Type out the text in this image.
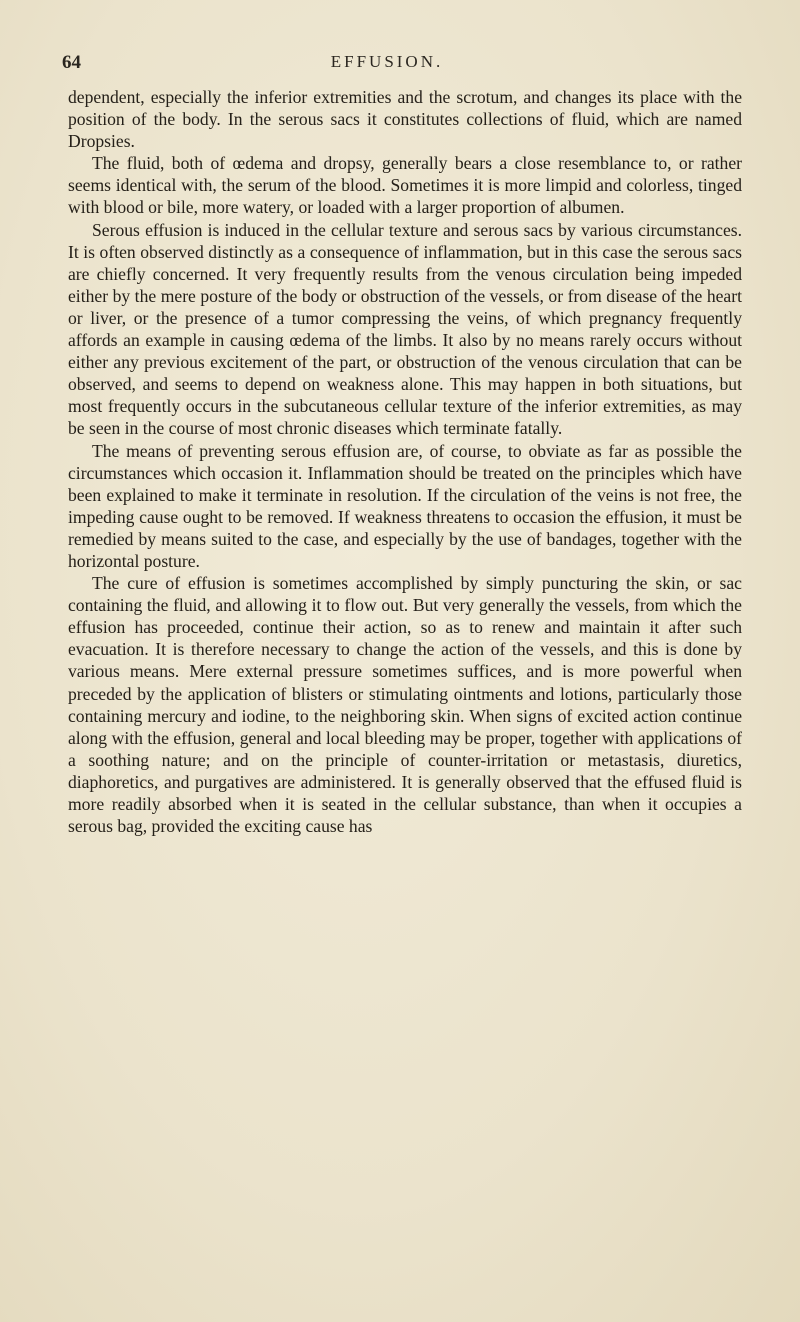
64	EFFUSION.

dependent, especially the inferior extremities and the scrotum, and changes its place with the position of the body. In the serous sacs it constitutes collections of fluid, which are named Dropsies.

The fluid, both of œdema and dropsy, generally bears a close resemblance to, or rather seems identical with, the serum of the blood. Sometimes it is more limpid and colorless, tinged with blood or bile, more watery, or loaded with a larger proportion of albumen.

Serous effusion is induced in the cellular texture and serous sacs by various circumstances. It is often observed distinctly as a consequence of inflammation, but in this case the serous sacs are chiefly concerned. It very frequently results from the venous circulation being impeded either by the mere posture of the body or obstruction of the vessels, or from disease of the heart or liver, or the presence of a tumor compressing the veins, of which pregnancy frequently affords an example in causing œdema of the limbs. It also by no means rarely occurs without either any previous excitement of the part, or obstruction of the venous circulation that can be observed, and seems to depend on weakness alone. This may happen in both situations, but most frequently occurs in the subcutaneous cellular texture of the inferior extremities, as may be seen in the course of most chronic diseases which terminate fatally.

The means of preventing serous effusion are, of course, to obviate as far as possible the circumstances which occasion it. Inflammation should be treated on the principles which have been explained to make it terminate in resolution. If the circulation of the veins is not free, the impeding cause ought to be removed. If weakness threatens to occasion the effusion, it must be remedied by means suited to the case, and especially by the use of bandages, together with the horizontal posture.

The cure of effusion is sometimes accomplished by simply puncturing the skin, or sac containing the fluid, and allowing it to flow out. But very generally the vessels, from which the effusion has proceeded, continue their action, so as to renew and maintain it after such evacuation. It is therefore necessary to change the action of the vessels, and this is done by various means. Mere external pressure sometimes suffices, and is more powerful when preceded by the application of blisters or stimulating ointments and lotions, particularly those containing mercury and iodine, to the neighboring skin. When signs of excited action continue along with the effusion, general and local bleeding may be proper, together with applications of a soothing nature; and on the principle of counter-irritation or metastasis, diuretics, diaphoretics, and purgatives are administered. It is generally observed that the effused fluid is more readily absorbed when it is seated in the cellular substance, than when it occupies a serous bag, provided the exciting cause has
